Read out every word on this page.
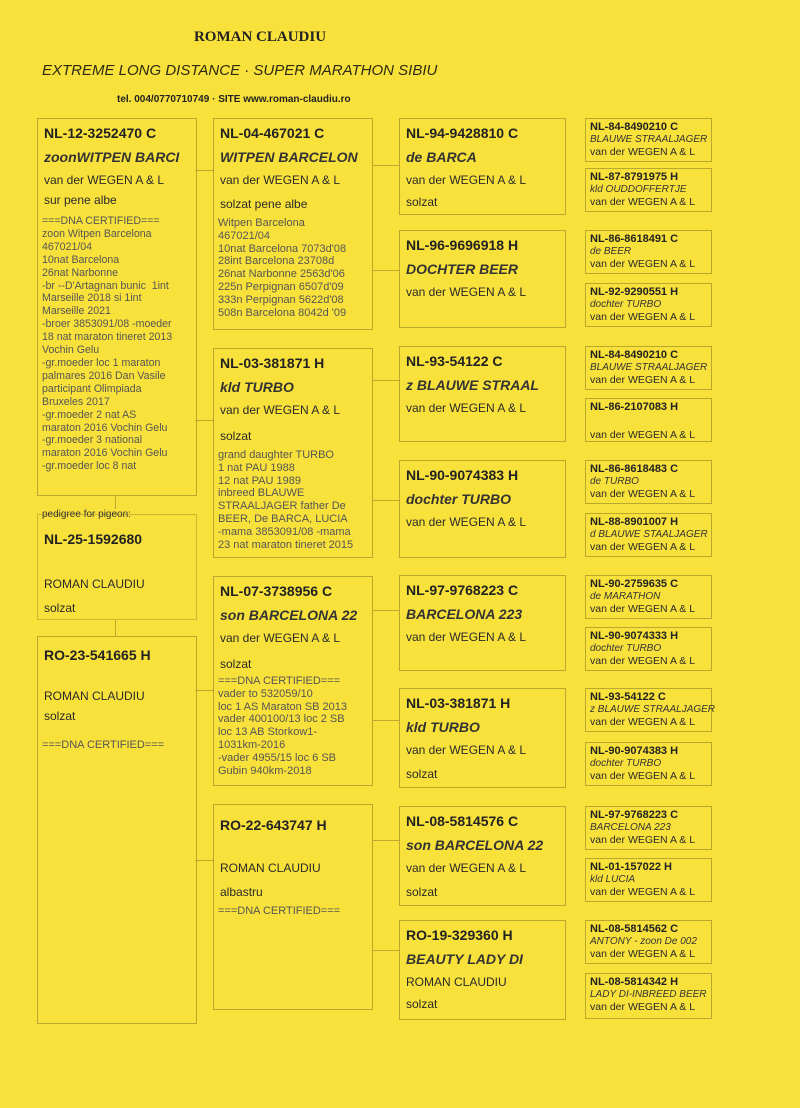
ROMAN CLAUDIU
EXTREME LONG DISTANCE · SUPER MARATHON SIBIU
tel. 004/0770710749 · SITE www.roman-claudiu.ro
NL-12-3252470 C
zoonWITPEN BARCI
van der WEGEN A & L
sur pene albe
===DNA CERTIFIED===
zoon Witpen Barcelona
467021/04
10nat Barcelona
26nat Narbonne
-br --D'Artagnan bunic  1int
Marseille 2018 si 1int
Marseille 2021
-broer 3853091/08 -moeder
18 nat maraton tineret 2013
Vochin Gelu
-gr.moeder loc 1 maraton
palmares 2016 Dan Vasile
participant Olimpiada
Bruxeles 2017
-gr.moeder 2 nat AS
maraton 2016 Vochin Gelu
-gr.moeder 3 national
maraton 2016 Vochin Gelu
-gr.moeder loc 8 nat
pedigree for pigeon:
NL-25-1592680
ROMAN CLAUDIU
solzat
RO-23-541665 H
ROMAN CLAUDIU
solzat
===DNA CERTIFIED===
NL-04-467021 C
WITPEN BARCELON
van der WEGEN A & L
solzat pene albe
Witpen Barcelona
467021/04
10nat Barcelona 7073d'08
28int Barcelona 23708d
26nat Narbonne 2563d'06
225n Perpignan 6507d'09
333n Perpignan 5622d'08
508n Barcelona 8042d '09
NL-03-381871 H
kld TURBO
van der WEGEN A & L
solzat
grand daughter TURBO
1 nat PAU 1988
12 nat PAU 1989
inbreed BLAUWE
STRAALJAGER father De
BEER, De BARCA, LUCIA
-mama 3853091/08 -mama
23 nat maraton tineret 2015
NL-07-3738956 C
son BARCELONA 22
van der WEGEN A & L
solzat
===DNA CERTIFIED===
vader to 532059/10
loc 1 AS Maraton SB 2013
vader 400100/13 loc 2 SB
loc 13 AB Storkow1-
1031km-2016
-vader 4955/15 loc 6 SB
Gubin 940km-2018
RO-22-643747 H
ROMAN CLAUDIU
albastru
===DNA CERTIFIED===
NL-94-9428810 C
de BARCA
van der WEGEN A & L
solzat
NL-96-9696918 H
DOCHTER BEER
van der WEGEN A & L
NL-93-54122 C
z BLAUWE STRAAL
van der WEGEN A & L
NL-90-9074383 H
dochter TURBO
van der WEGEN A & L
NL-97-9768223 C
BARCELONA 223
van der WEGEN A & L
NL-03-381871 H
kld TURBO
van der WEGEN A & L
solzat
NL-08-5814576 C
son BARCELONA 22
van der WEGEN A & L
solzat
RO-19-329360 H
BEAUTY LADY DI
ROMAN CLAUDIU
solzat
NL-84-8490210 C
BLAUWE STRAALJAGER
van der WEGEN A & L
NL-87-8791975 H
kld OUDDOFFERTJE
van der WEGEN A & L
NL-86-8618491 C
de BEER
van der WEGEN A & L
NL-92-9290551 H
dochter TURBO
van der WEGEN A & L
NL-84-8490210 C
BLAUWE STRAALJAGER
van der WEGEN A & L
NL-86-2107083 H
van der WEGEN A & L
NL-86-8618483 C
de TURBO
van der WEGEN A & L
NL-88-8901007 H
d BLAUWE STAALJAGER
van der WEGEN A & L
NL-90-2759635 C
de MARATHON
van der WEGEN A & L
NL-90-9074333 H
dochter TURBO
van der WEGEN A & L
NL-93-54122 C
z BLAUWE STRAALJAGER
van der WEGEN A & L
NL-90-9074383 H
dochter TURBO
van der WEGEN A & L
NL-97-9768223 C
BARCELONA 223
van der WEGEN A & L
NL-01-157022 H
kld LUCIA
van der WEGEN A & L
NL-08-5814562 C
ANTONY - zoon De 002
van der WEGEN A & L
NL-08-5814342 H
LADY DI-INBREED BEER
van der WEGEN A & L
